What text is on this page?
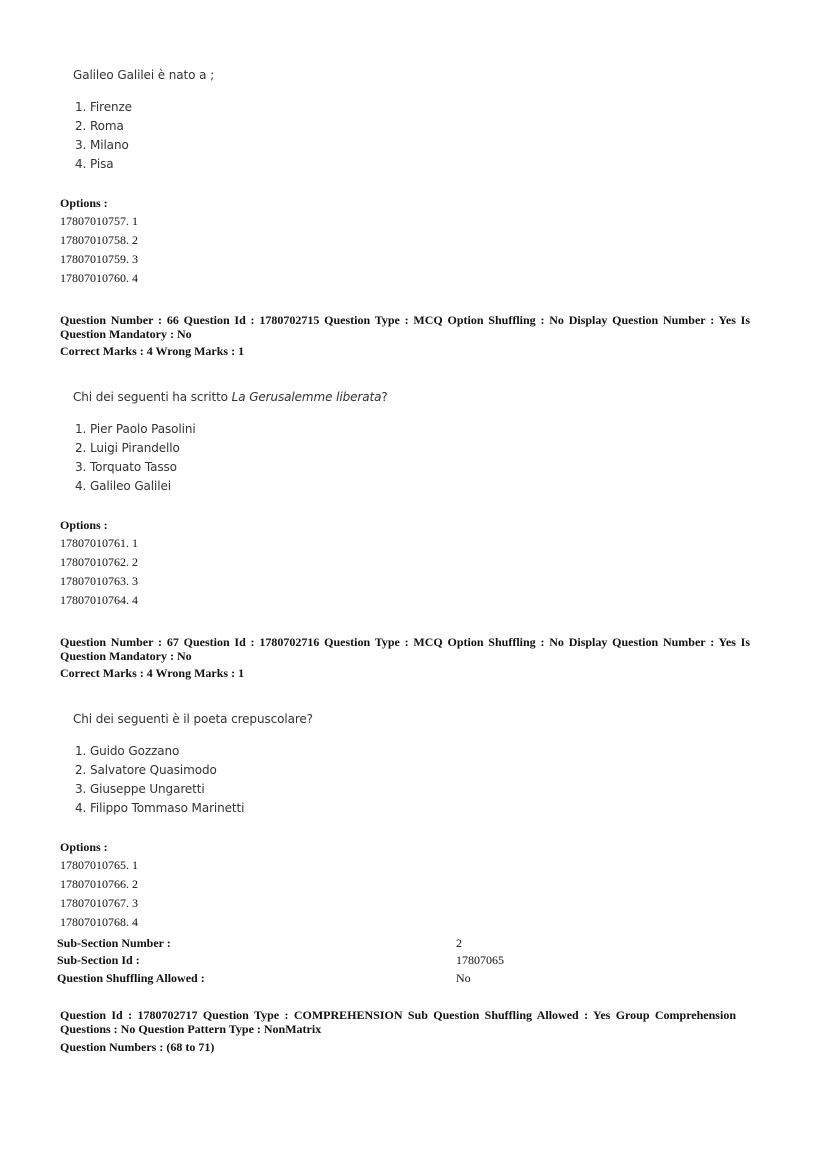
Galileo Galilei è nato a ;
1. Firenze
2. Roma
3. Milano
4. Pisa
Options :
17807010757. 1
17807010758. 2
17807010759. 3
17807010760. 4
Question Number : 66 Question Id : 1780702715 Question Type : MCQ Option Shuffling : No Display Question Number : Yes Is Question Mandatory : No
Correct Marks : 4 Wrong Marks : 1
Chi dei seguenti ha scritto La Gerusalemme liberata?
1. Pier Paolo Pasolini
2. Luigi Pirandello
3. Torquato Tasso
4. Galileo Galilei
Options :
17807010761. 1
17807010762. 2
17807010763. 3
17807010764. 4
Question Number : 67 Question Id : 1780702716 Question Type : MCQ Option Shuffling : No Display Question Number : Yes Is Question Mandatory : No
Correct Marks : 4 Wrong Marks : 1
Chi dei seguenti è il poeta crepuscolare?
1. Guido Gozzano
2. Salvatore Quasimodo
3. Giuseppe Ungaretti
4. Filippo Tommaso Marinetti
Options :
17807010765. 1
17807010766. 2
17807010767. 3
17807010768. 4
Sub-Section Number :	2
Sub-Section Id :	17807065
Question Shuffling Allowed :	No
Question Id : 1780702717 Question Type : COMPREHENSION Sub Question Shuffling Allowed : Yes Group Comprehension Questions : No Question Pattern Type : NonMatrix
Question Numbers : (68 to 71)
